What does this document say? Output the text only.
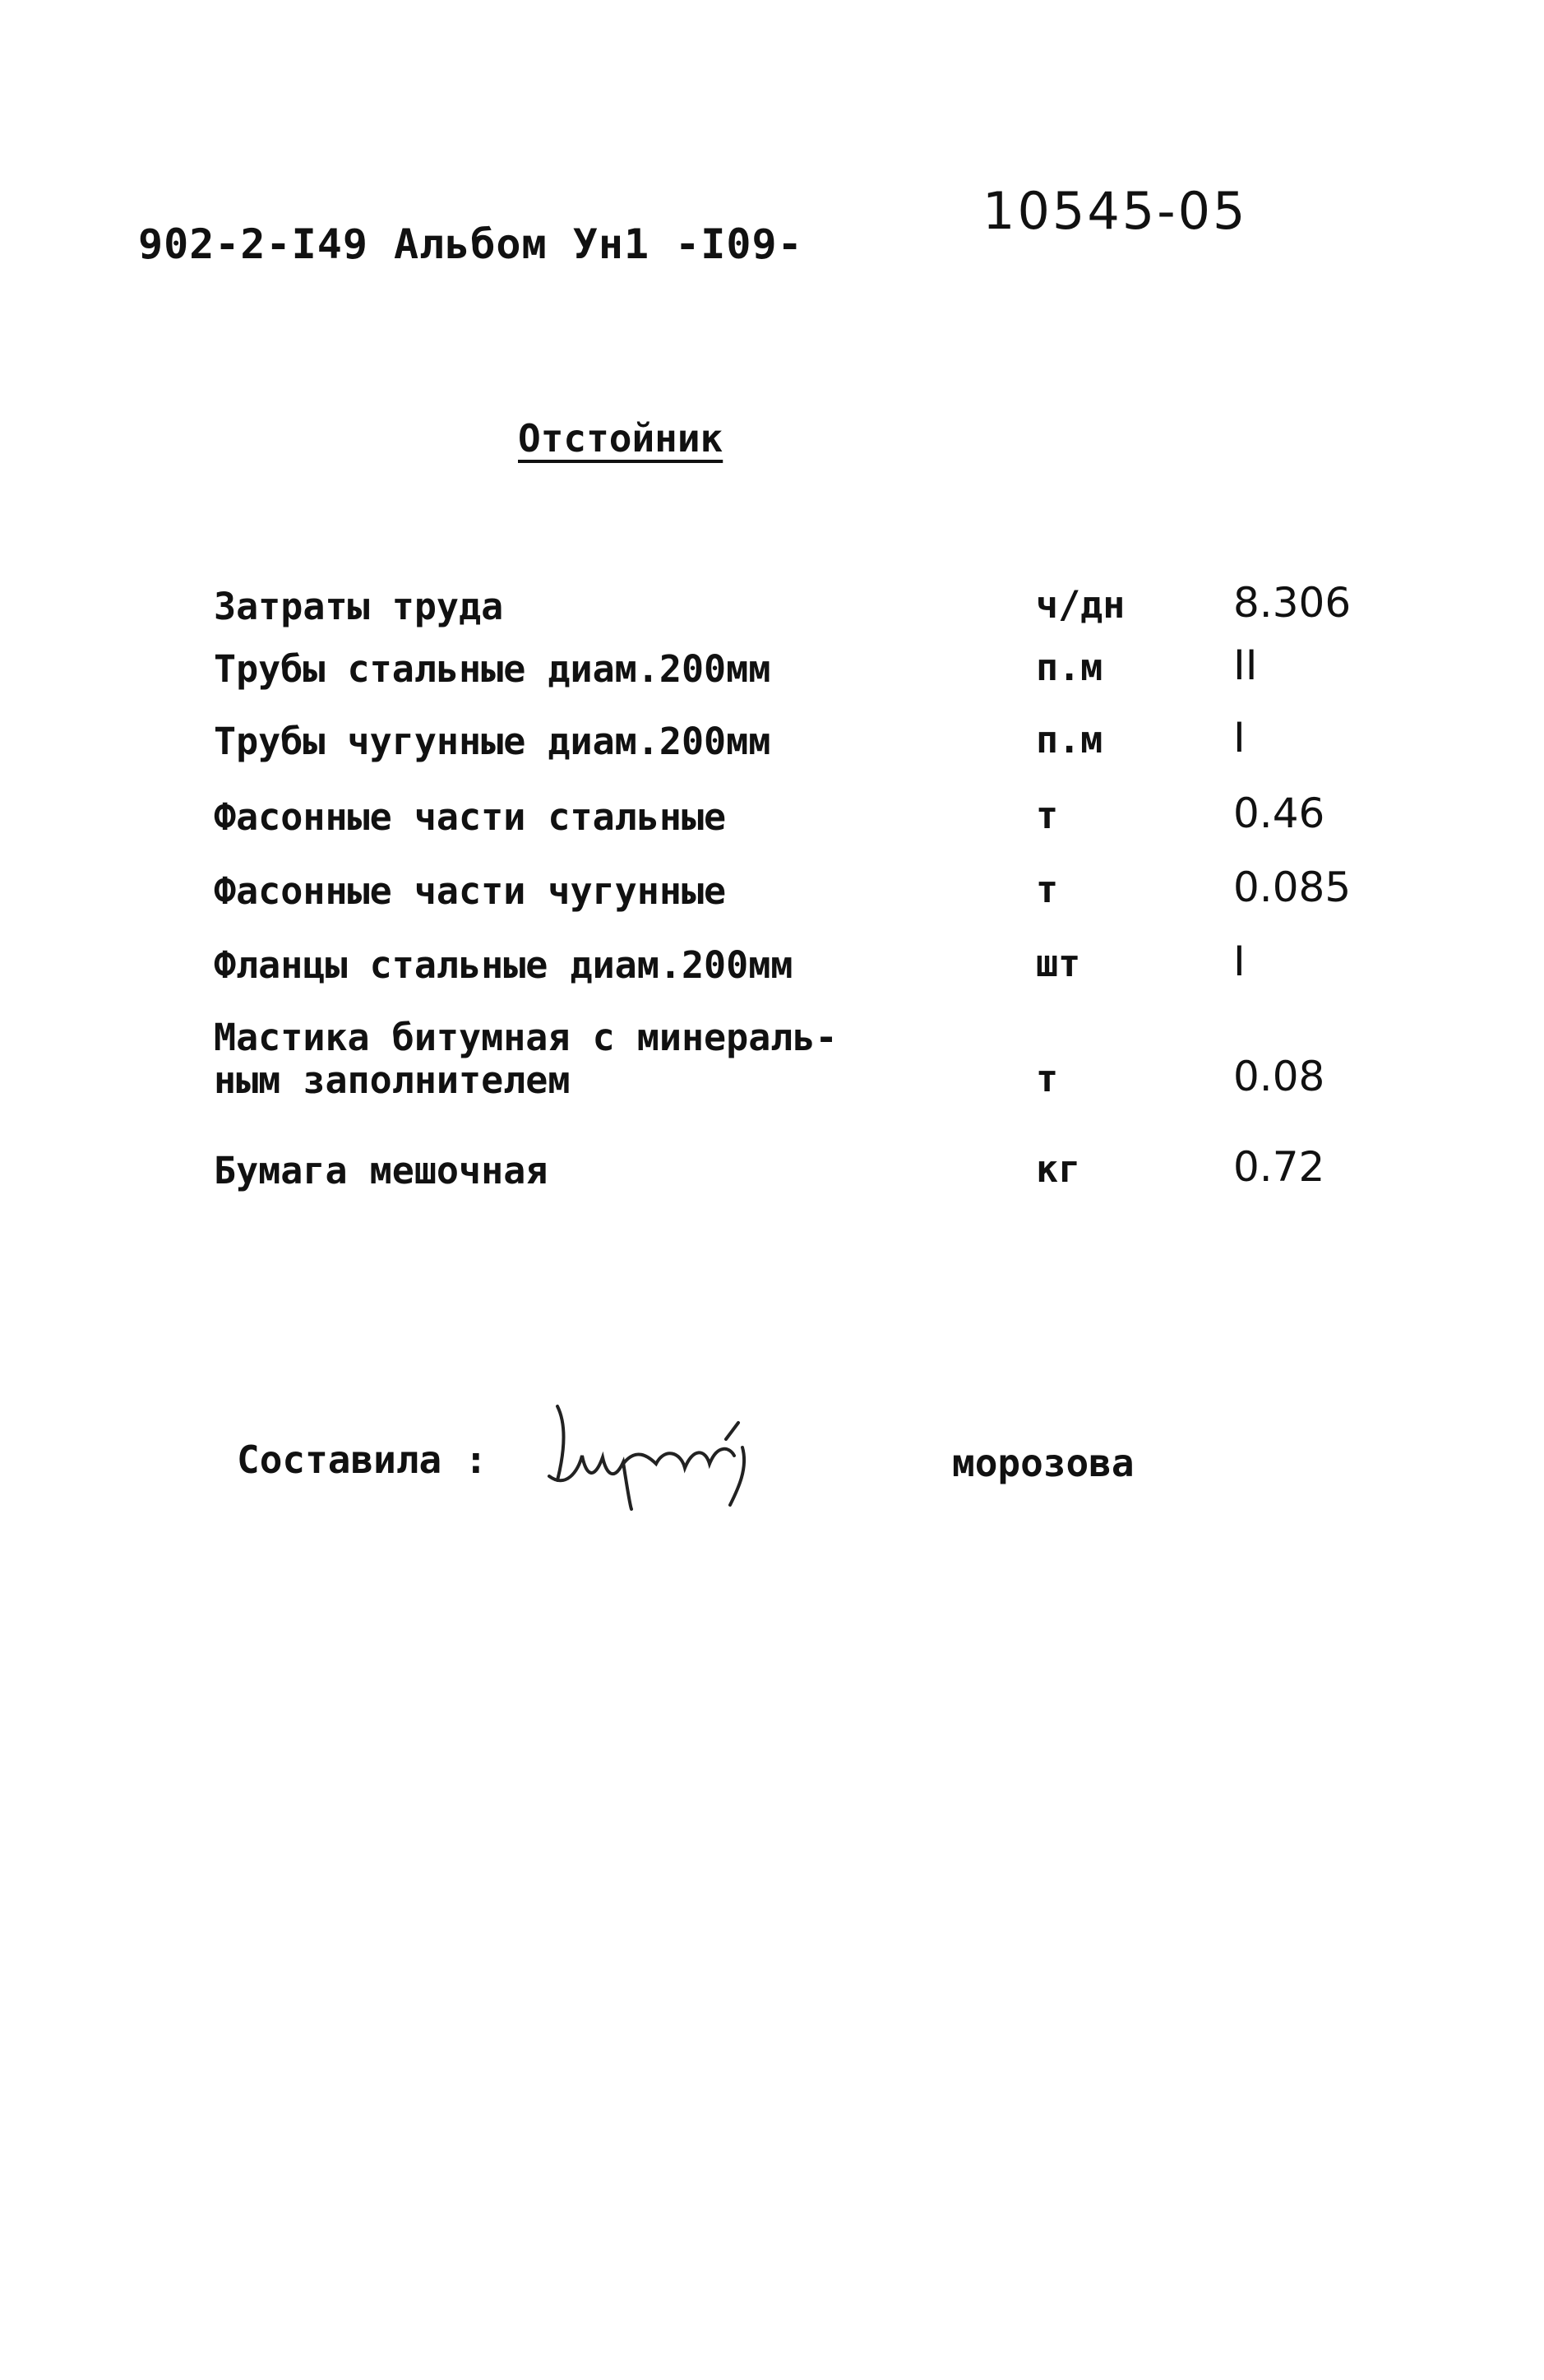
902-2-I49 Альбом Ун1 -I09-
10545-05
Отстойник
Затраты труда	ч/дн	8.306
Трубы стальные диам.200мм	п.м	II
Трубы чугунные диам.200мм	п.м	I
Фасонные части стальные	т	0.46
Фасонные части чугунные	т	0.085
Фланцы стальные диам.200мм	шт	I
Мастика битумная с минераль-
ным заполнителем	т	0.08
Бумага мешочная	кг	0.72
Составила :	морозова
